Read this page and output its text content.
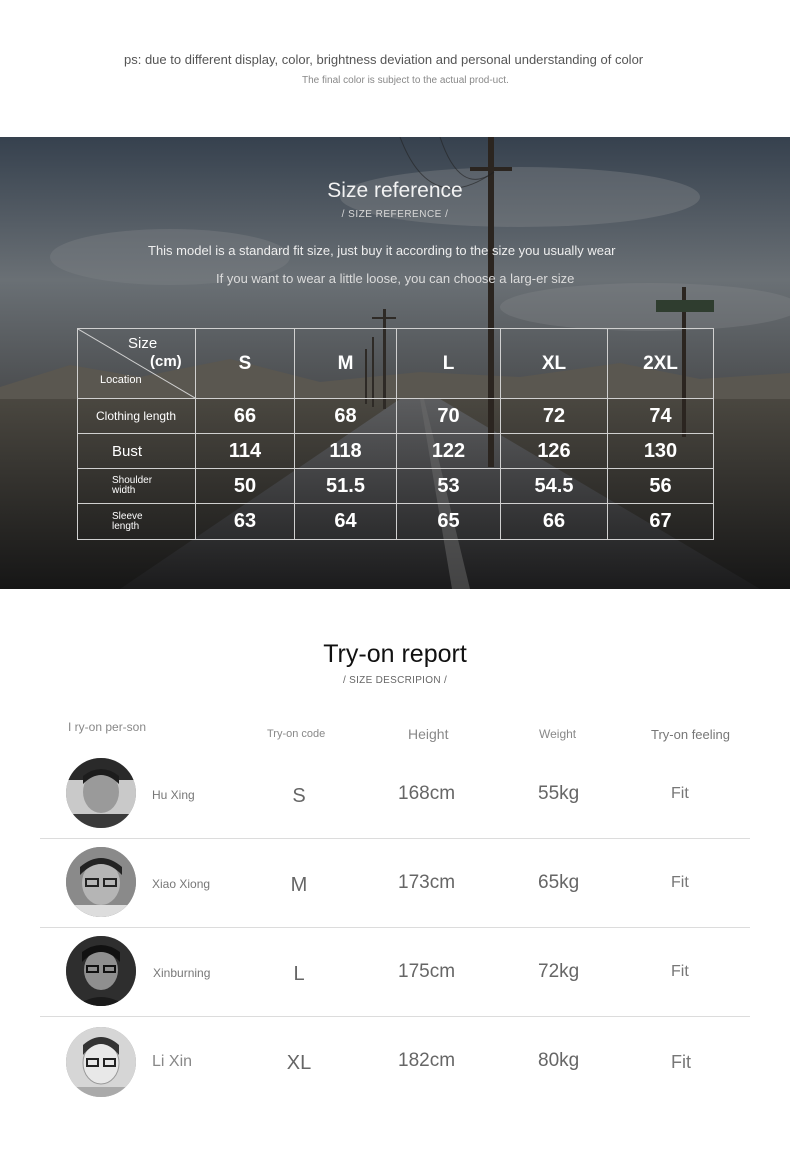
ps: due to different display, color, brightness deviation and personal understanding of color
The final color is subject to the actual prod-uct.
Size reference
/ SIZE REFERENCE /
This model is a standard fit size, just buy it according to the size you usually wear
If you want to wear a little loose, you can choose a larg-er size
Size
(cm)
Location	S	M	L	XL	2XL
Clothing length	66	68	70	72	74
Bust	114	118	122	126	130
Shoulder width	50	51.5	53	54.5	56
Sleeve length	63	64	65	66	67
Try-on report
/ SIZE DESCRIPION /
I ry-on per-son	Try-on code	Height	Weight	Try-on feeling
Hu Xing	S	168cm	55kg	Fit
Xiao Xiong	M	173cm	65kg	Fit
Xinburning	L	175cm	72kg	Fit
Li Xin	XL	182cm	80kg	Fit
